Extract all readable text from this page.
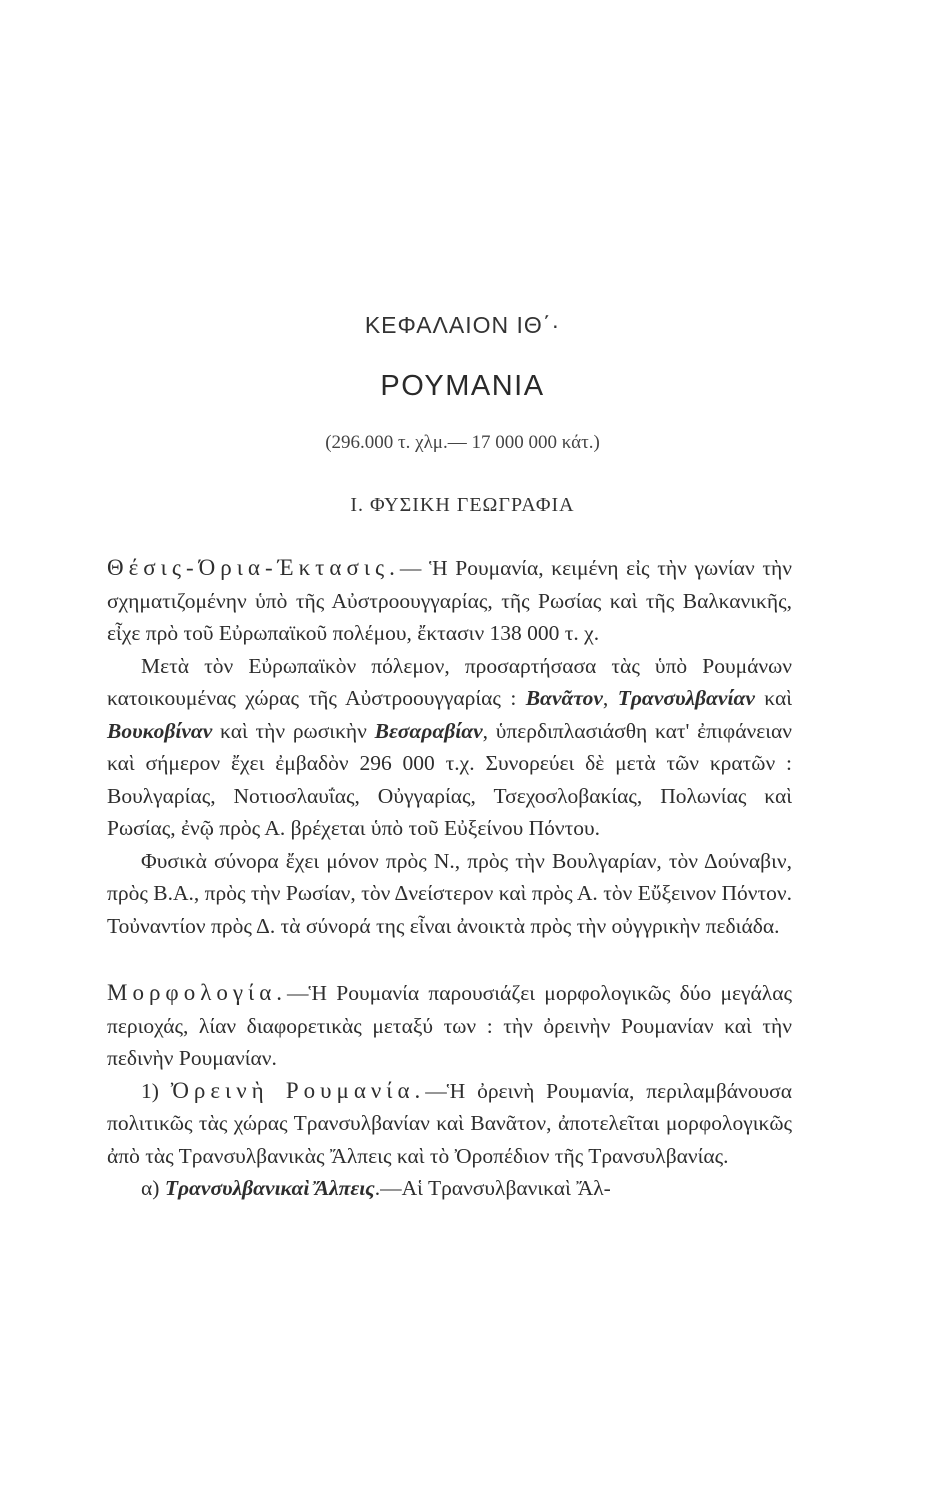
ΚΕΦΑΛΑΙΟΝ ΙΘ΄·
ΡΟΥΜΑΝΙΑ
(296.000 τ. χλμ.— 17 000 000 κάτ.)
Ι. ΦΥΣΙΚΗ ΓΕΩΓΡΑΦΙΑ

Θέσις-Όρια-Έκτασις.— Ἡ Ρουμανία, κειμένη εἰς τὴν γωνίαν τὴν σχηματιζομένην ὑπὸ τῆς Αὐστροουγγαρίας, τῆς Ρωσίας καὶ τῆς Βαλκανικῆς, εἶχε πρὸ τοῦ Εὐρωπαϊκοῦ πολέμου, ἔκτασιν 138 000 τ. χ.

Μετὰ τὸν Εὐρωπαϊκὸν πόλεμον, προσαρτήσασα τὰς ὑπὸ Ρουμάνων κατοικουμένας χώρας τῆς Αὐστροουγγαρίας : Βανᾶτον, Τρανσυλβανίαν καὶ Βουκοβίναν καὶ τὴν ρωσικὴν Βεσαραβίαν, ὑπερδιπλασιάσθη κατ' ἐπιφάνειαν καὶ σήμερον ἔχει ἐμβαδὸν 296 000 τ.χ. Συνορεύει δὲ μετὰ τῶν κρατῶν : Βουλγαρίας, Νοτιοσλαυΐας, Οὐγγαρίας, Τσεχοσλοβακίας, Πολωνίας καὶ Ρωσίας, ἐνῷ πρὸς Α. βρέχεται ὑπὸ τοῦ Εὐξείνου Πόντου.

Φυσικὰ σύνορα ἔχει μόνον πρὸς Ν., πρὸς τὴν Βουλγαρίαν, τὸν Δούναβιν, πρὸς Β.Α., πρὸς τὴν Ρωσίαν, τὸν Δνείστερον καὶ πρὸς Α. τὸν Εὔξεινον Πόντον. Τοὐναντίον πρὸς Δ. τὰ σύνορά της εἶναι ἀνοικτὰ πρὸς τὴν οὐγγρικὴν πεδιάδα.

Μορφολογία.—Ἡ Ρουμανία παρουσιάζει μορφολογικῶς δύο μεγάλας περιοχάς, λίαν διαφορετικὰς μεταξύ των : τὴν ὀρεινὴν Ρουμανίαν καὶ τὴν πεδινὴν Ρουμανίαν.

1) Ὀρεινὴ Ρουμανία.—Ἡ ὀρεινὴ Ρουμανία, περιλαμβάνουσα πολιτικῶς τὰς χώρας Τρανσυλβανίαν καὶ Βανᾶτον, ἀποτελεῖται μορφολογικῶς ἀπὸ τὰς Τρανσυλβανικὰς Ἄλπεις καὶ τὸ Ὀροπέδιον τῆς Τρανσυλβανίας.

α) Τρανσυλβανικαὶ Ἄλπεις.—Αἱ Τρανσυλβανικαὶ Ἄλ-
